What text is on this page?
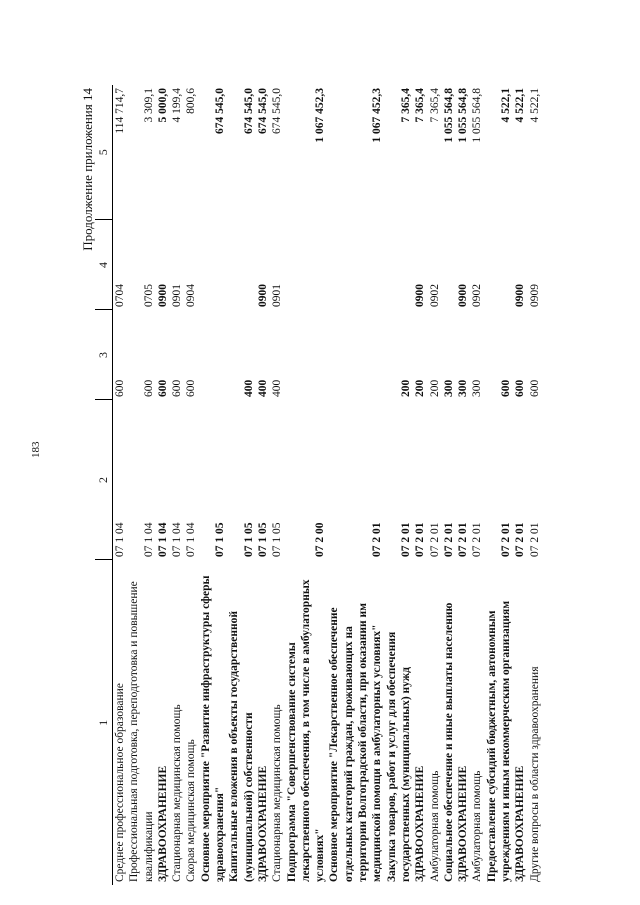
183
Продолжение приложения 14
1	2	3	4	5
Среднее профессиональное образование	07 1 04	600	0704	114 714,7
Профессиональная подготовка, переподготовка и повышение квалификации	07 1 04	600	0705	3 309,1
ЗДРАВООХРАНЕНИЕ	07 1 04	600	0900	5 000,0
Стационарная медицинская помощь	07 1 04	600	0901	4 199,4
Скорая медицинская помощь	07 1 04	600	0904	800,6
Основное мероприятие "Развитие инфраструктуры сферы здравоохранения"	07 1 05			674 545,0
Капитальные вложения в объекты государственной (муниципальной) собственности	07 1 05	400		674 545,0
ЗДРАВООХРАНЕНИЕ	07 1 05	400	0900	674 545,0
Стационарная медицинская помощь	07 1 05	400	0901	674 545,0
Подпрограмма "Совершенствование системы лекарственного обеспечения, в том числе в амбулаторных условиях"	07 2 00			1 067 452,3
Основное мероприятие "Лекарственное обеспечение отдельных категорий граждан, проживающих на территории Волгоградской области, при оказании им медицинской помощи в амбулаторных условиях"	07 2 01			1 067 452,3
Закупка товаров, работ и услуг для обеспечения государственных (муниципальных) нужд	07 2 01	200		7 365,4
ЗДРАВООХРАНЕНИЕ	07 2 01	200	0900	7 365,4
Амбулаторная помощь	07 2 01	200	0902	7 365,4
Социальное обеспечение и иные выплаты населению	07 2 01	300		1 055 564,8
ЗДРАВООХРАНЕНИЕ	07 2 01	300	0900	1 055 564,8
Амбулаторная помощь	07 2 01	300	0902	1 055 564,8
Предоставление субсидий бюджетным, автономным учреждениям и иным некоммерческим организациям	07 2 01	600		4 522,1
ЗДРАВООХРАНЕНИЕ	07 2 01	600	0900	4 522,1
Другие вопросы в области здравоохранения	07 2 01	600	0909	4 522,1
